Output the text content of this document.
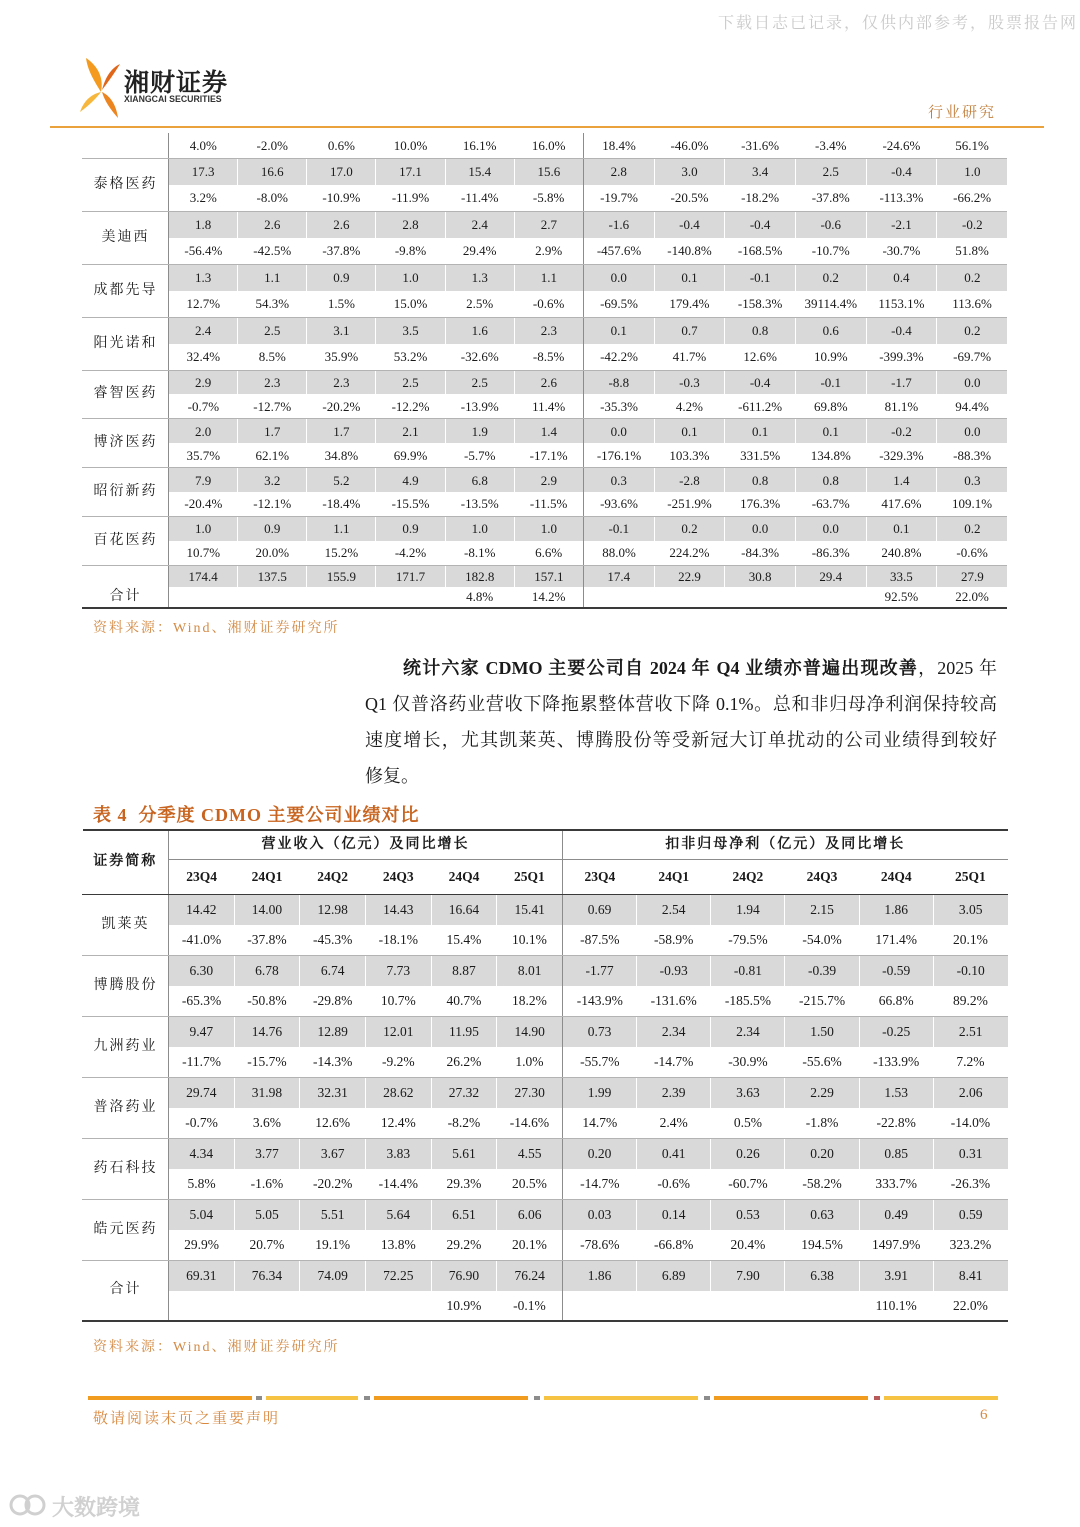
下载日志已记录，仅供内部参考，股票报告网
湘财证券
XIANGCAI SECURITIES
行业研究
	4.0%	-2.0%	0.6%	10.0%	16.1%	16.0%	18.4%	-46.0%	-31.6%	-3.4%	-24.6%	56.1%
泰格医药	17.3	16.6	17.0	17.1	15.4	15.6	2.8	3.0	3.4	2.5	-0.4	1.0
	3.2%	-8.0%	-10.9%	-11.9%	-11.4%	-5.8%	-19.7%	-20.5%	-18.2%	-37.8%	-113.3%	-66.2%
美迪西	1.8	2.6	2.6	2.8	2.4	2.7	-1.6	-0.4	-0.4	-0.6	-2.1	-0.2
	-56.4%	-42.5%	-37.8%	-9.8%	29.4%	2.9%	-457.6%	-140.8%	-168.5%	-10.7%	-30.7%	51.8%
成都先导	1.3	1.1	0.9	1.0	1.3	1.1	0.0	0.1	-0.1	0.2	0.4	0.2
	12.7%	54.3%	1.5%	15.0%	2.5%	-0.6%	-69.5%	179.4%	-158.3%	39114.4%	1153.1%	113.6%
阳光诺和	2.4	2.5	3.1	3.5	1.6	2.3	0.1	0.7	0.8	0.6	-0.4	0.2
	32.4%	8.5%	35.9%	53.2%	-32.6%	-8.5%	-42.2%	41.7%	12.6%	10.9%	-399.3%	-69.7%
睿智医药	2.9	2.3	2.3	2.5	2.5	2.6	-8.8	-0.3	-0.4	-0.1	-1.7	0.0
	-0.7%	-12.7%	-20.2%	-12.2%	-13.9%	11.4%	-35.3%	4.2%	-611.2%	69.8%	81.1%	94.4%
博济医药	2.0	1.7	1.7	2.1	1.9	1.4	0.0	0.1	0.1	0.1	-0.2	0.0
	35.7%	62.1%	34.8%	69.9%	-5.7%	-17.1%	-176.1%	103.3%	331.5%	134.8%	-329.3%	-88.3%
昭衍新药	7.9	3.2	5.2	4.9	6.8	2.9	0.3	-2.8	0.8	0.8	1.4	0.3
	-20.4%	-12.1%	-18.4%	-15.5%	-13.5%	-11.5%	-93.6%	-251.9%	176.3%	-63.7%	417.6%	109.1%
百花医药	1.0	0.9	1.1	0.9	1.0	1.0	-0.1	0.2	0.0	0.0	0.1	0.2
	10.7%	20.0%	15.2%	-4.2%	-8.1%	6.6%	88.0%	224.2%	-84.3%	-86.3%	240.8%	-0.6%
合计	174.4	137.5	155.9	171.7	182.8	157.1	17.4	22.9	30.8	29.4	33.5	27.9
					4.8%	14.2%					92.5%	22.0%
资料来源：Wind、湘财证券研究所
统计六家 CDMO 主要公司自 2024 年 Q4 业绩亦普遍出现改善，2025 年
Q1 仅普洛药业营收下降拖累整体营收下降 0.1%。总和非归母净利润保持较高
速度增长，尤其凯莱英、博腾股份等受新冠大订单扰动的公司业绩得到较好
修复。
表 4  分季度 CDMO 主要公司业绩对比
证券简称	营业收入（亿元）及同比增长						扣非归母净利（亿元）及同比增长					
	23Q4	24Q1	24Q2	24Q3	24Q4	25Q1	23Q4	24Q1	24Q2	24Q3	24Q4	25Q1
凯莱英	14.42	14.00	12.98	14.43	16.64	15.41	0.69	2.54	1.94	2.15	1.86	3.05
	-41.0%	-37.8%	-45.3%	-18.1%	15.4%	10.1%	-87.5%	-58.9%	-79.5%	-54.0%	171.4%	20.1%
博腾股份	6.30	6.78	6.74	7.73	8.87	8.01	-1.77	-0.93	-0.81	-0.39	-0.59	-0.10
	-65.3%	-50.8%	-29.8%	10.7%	40.7%	18.2%	-143.9%	-131.6%	-185.5%	-215.7%	66.8%	89.2%
九洲药业	9.47	14.76	12.89	12.01	11.95	14.90	0.73	2.34	2.34	1.50	-0.25	2.51
	-11.7%	-15.7%	-14.3%	-9.2%	26.2%	1.0%	-55.7%	-14.7%	-30.9%	-55.6%	-133.9%	7.2%
普洛药业	29.74	31.98	32.31	28.62	27.32	27.30	1.99	2.39	3.63	2.29	1.53	2.06
	-0.7%	3.6%	12.6%	12.4%	-8.2%	-14.6%	14.7%	2.4%	0.5%	-1.8%	-22.8%	-14.0%
药石科技	4.34	3.77	3.67	3.83	5.61	4.55	0.20	0.41	0.26	0.20	0.85	0.31
	5.8%	-1.6%	-20.2%	-14.4%	29.3%	20.5%	-14.7%	-0.6%	-60.7%	-58.2%	333.7%	-26.3%
皓元医药	5.04	5.05	5.51	5.64	6.51	6.06	0.03	0.14	0.53	0.63	0.49	0.59
	29.9%	20.7%	19.1%	13.8%	29.2%	20.1%	-78.6%	-66.8%	20.4%	194.5%	1497.9%	323.2%
合计	69.31	76.34	74.09	72.25	76.90	76.24	1.86	6.89	7.90	6.38	3.91	8.41
					10.9%	-0.1%					110.1%	22.0%
资料来源：Wind、湘财证券研究所
敬请阅读末页之重要声明	6
大数跨境
